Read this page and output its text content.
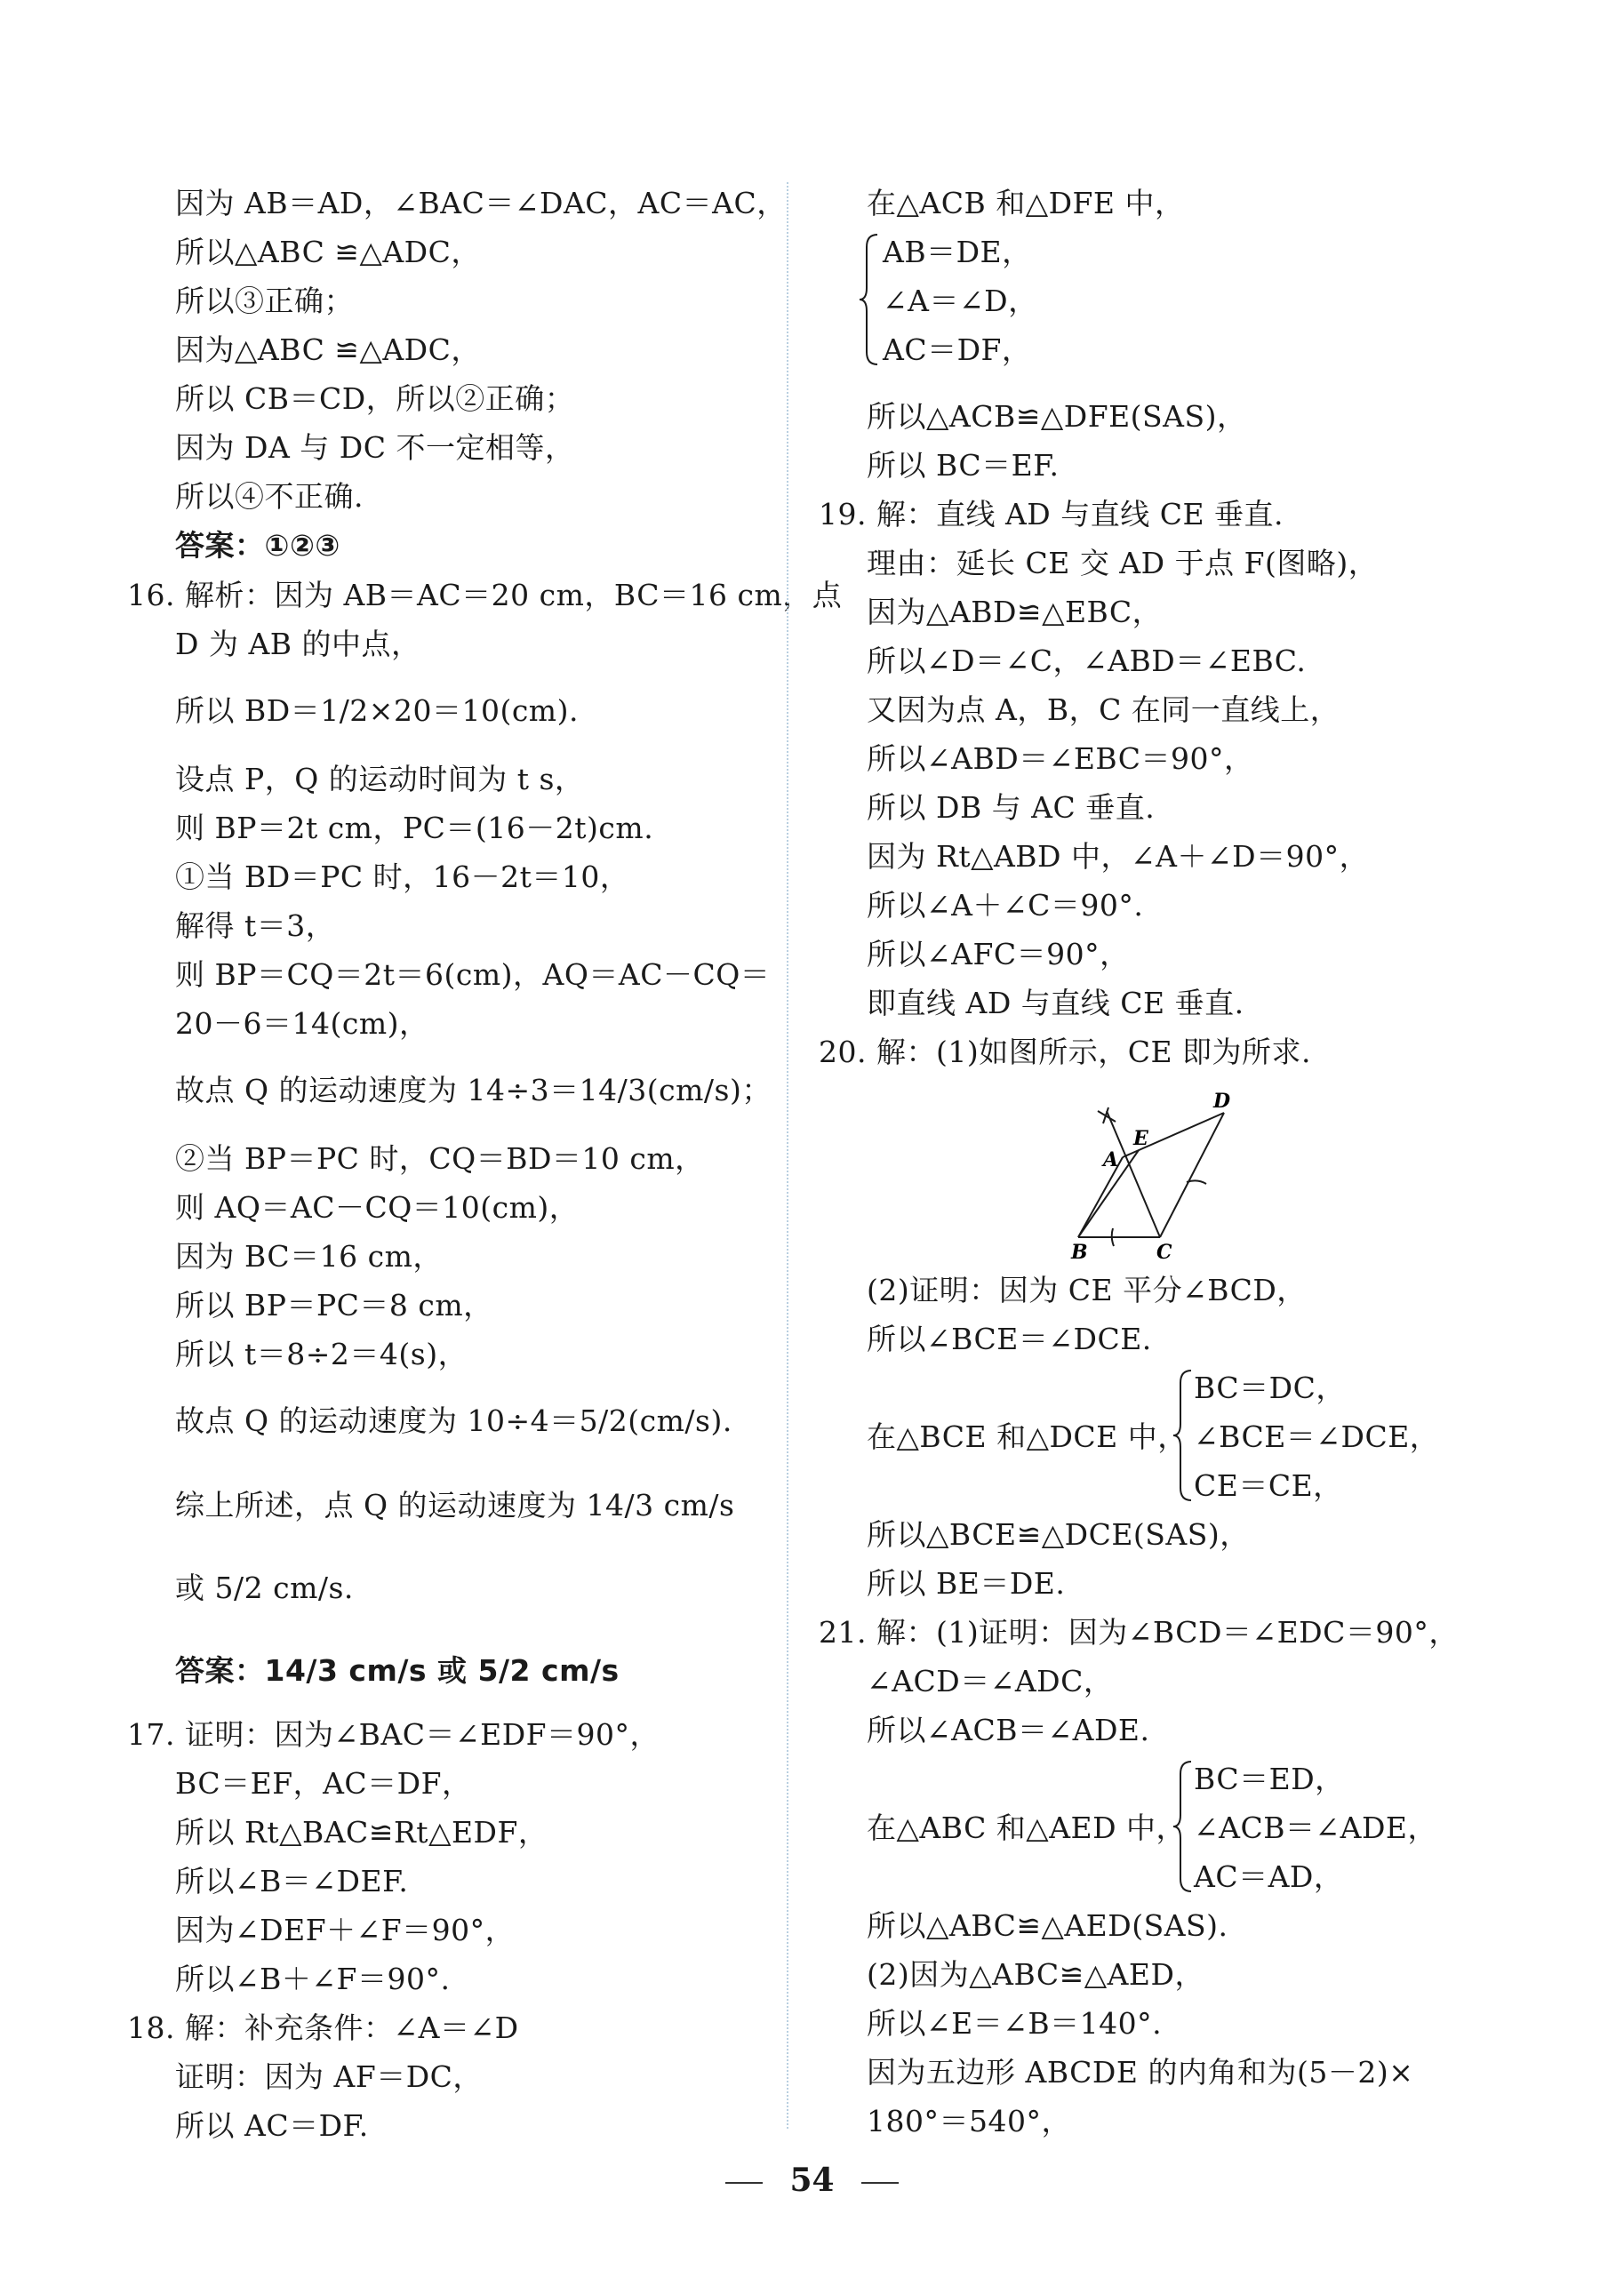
因为 AB＝AD，∠BAC＝∠DAC，AC＝AC，
所以△ABC ≌△ADC，
所以③正确；
因为△ABC ≌△ADC，
所以 CB＝CD，所以②正确；
因为 DA 与 DC 不一定相等，
所以④不正确.
答案：①②③
16. 解析：因为 AB＝AC＝20 cm，BC＝16 cm，点
D 为 AB 的中点，
所以 BD＝1/2×20＝10(cm).
设点 P，Q 的运动时间为 t s，
则 BP＝2t cm，PC＝(16－2t)cm.
①当 BD＝PC 时，16－2t＝10，
解得 t＝3，
则 BP＝CQ＝2t＝6(cm)，AQ＝AC－CQ＝
20－6＝14(cm)，
故点 Q 的运动速度为 14÷3＝14/3(cm/s)；
②当 BP＝PC 时，CQ＝BD＝10 cm，
则 AQ＝AC－CQ＝10(cm)，
因为 BC＝16 cm，
所以 BP＝PC＝8 cm，
所以 t＝8÷2＝4(s)，
故点 Q 的运动速度为 10÷4＝5/2(cm/s).
综上所述，点 Q 的运动速度为 14/3 cm/s
或 5/2 cm/s.
答案：14/3 cm/s 或 5/2 cm/s
17. 证明：因为∠BAC＝∠EDF＝90°，
BC＝EF，AC＝DF，
所以 Rt△BAC≌Rt△EDF，
所以∠B＝∠DEF.
因为∠DEF＋∠F＝90°，
所以∠B＋∠F＝90°.
18. 解：补充条件：∠A＝∠D
证明：因为 AF＝DC，
所以 AC＝DF.
在△ACB 和△DFE 中，
AB＝DE，
∠A＝∠D，
AC＝DF，
所以△ACB≌△DFE(SAS)，
所以 BC＝EF.
19. 解：直线 AD 与直线 CE 垂直.
理由：延长 CE 交 AD 于点 F(图略)，
因为△ABD≌△EBC，
所以∠D＝∠C，∠ABD＝∠EBC.
又因为点 A，B，C 在同一直线上，
所以∠ABD＝∠EBC＝90°，
所以 DB 与 AC 垂直.
因为 Rt△ABD 中，∠A＋∠D＝90°，
所以∠A＋∠C＝90°.
所以∠AFC＝90°，
即直线 AD 与直线 CE 垂直.
20. 解：(1)如图所示，CE 即为所求.
D
E
A
B	C
(2)证明：因为 CE 平分∠BCD，
所以∠BCE＝∠DCE.
BC＝DC，
在△BCE 和△DCE 中， ∠BCE＝∠DCE，
CE＝CE，
所以△BCE≌△DCE(SAS)，
所以 BE＝DE.
21. 解：(1)证明：因为∠BCD＝∠EDC＝90°，
∠ACD＝∠ADC，
所以∠ACB＝∠ADE.
BC＝ED，
在△ABC 和△AED 中， ∠ACB＝∠ADE，
AC＝AD，
所以△ABC≌△AED(SAS).
(2)因为△ABC≌△AED，
所以∠E＝∠B＝140°.
因为五边形 ABCDE 的内角和为(5－2)×
180°＝540°，
54
